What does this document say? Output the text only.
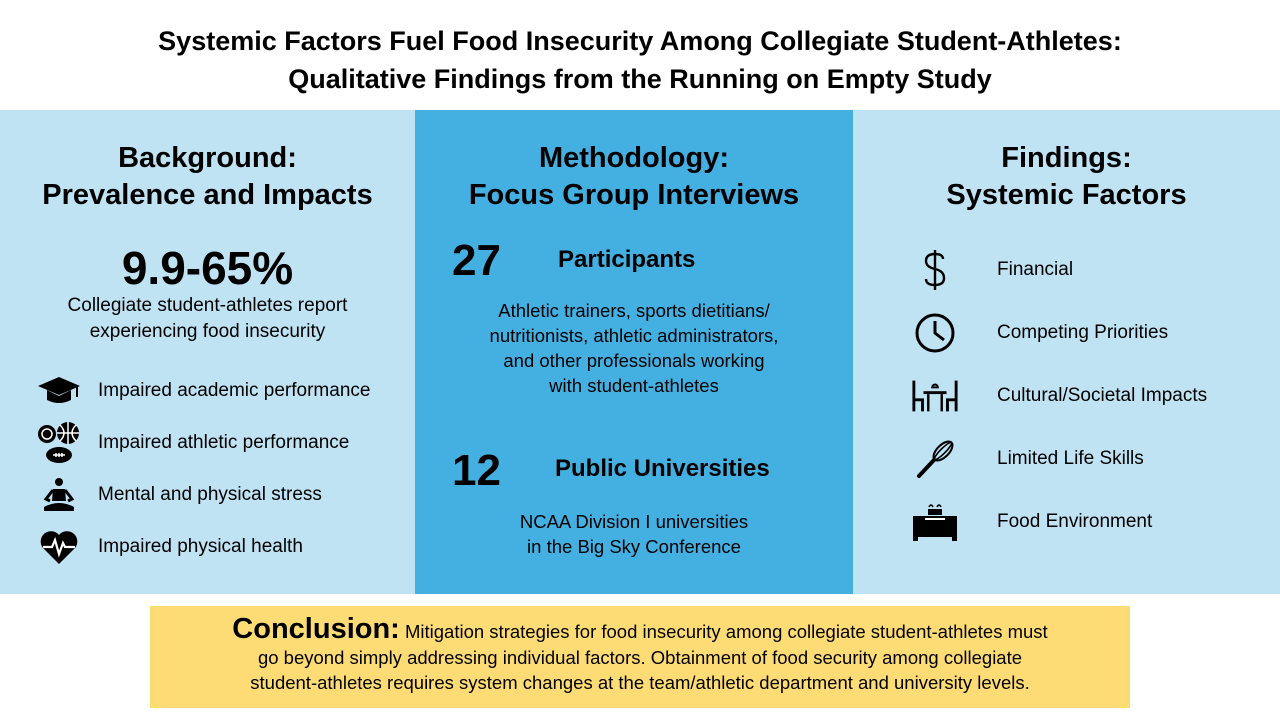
Systemic Factors Fuel Food Insecurity Among Collegiate Student-Athletes:
Qualitative Findings from the Running on Empty Study
Background:
Prevalence and Impacts
9.9-65%
Collegiate student-athletes report
experiencing food insecurity
Impaired academic performance
Impaired athletic performance
Mental and physical stress
Impaired physical health
Methodology:
Focus Group Interviews
27 Participants
Athletic trainers, sports dietitians/
nutritionists, athletic administrators,
and other professionals working
with student-athletes
12 Public Universities
NCAA Division I universities
in the Big Sky Conference
Findings:
Systemic Factors
Financial
Competing Priorities
Cultural/Societal Impacts
Limited Life Skills
Food Environment
Conclusion: Mitigation strategies for food insecurity among collegiate student-athletes must
go beyond simply addressing individual factors. Obtainment of food security among collegiate
student-athletes requires system changes at the team/athletic department and university levels.
